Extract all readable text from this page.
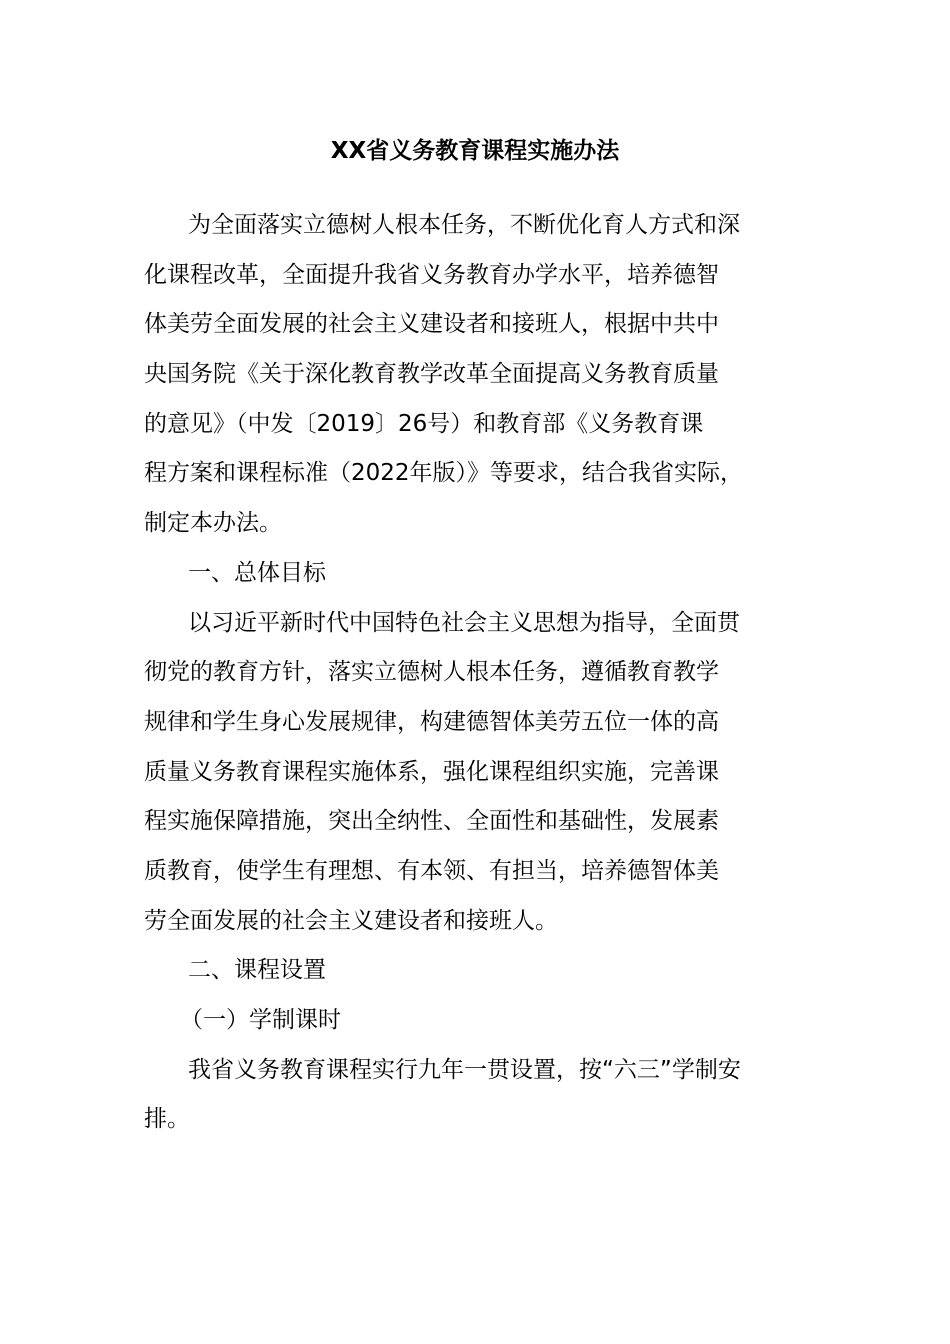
XX省义务教育课程实施办法
为全面落实立德树人根本任务，不断优化育人方式和深
化课程改革，全面提升我省义务教育办学水平，培养德智
体美劳全面发展的社会主义建设者和接班人，根据中共中
央国务院《关于深化教育教学改革全面提高义务教育质量
的意见》（中发〔2019〕26号）和教育部《义务教育课
程方案和课程标准（2022年版）》等要求，结合我省实际，
制定本办法。
一、总体目标
以习近平新时代中国特色社会主义思想为指导，全面贯
彻党的教育方针，落实立德树人根本任务，遵循教育教学
规律和学生身心发展规律，构建德智体美劳五位一体的高
质量义务教育课程实施体系，强化课程组织实施，完善课
程实施保障措施，突出全纳性、全面性和基础性，发展素
质教育，使学生有理想、有本领、有担当，培养德智体美
劳全面发展的社会主义建设者和接班人。
二、课程设置
（一）学制课时
我省义务教育课程实行九年一贯设置，按“六三”学制安
排。
